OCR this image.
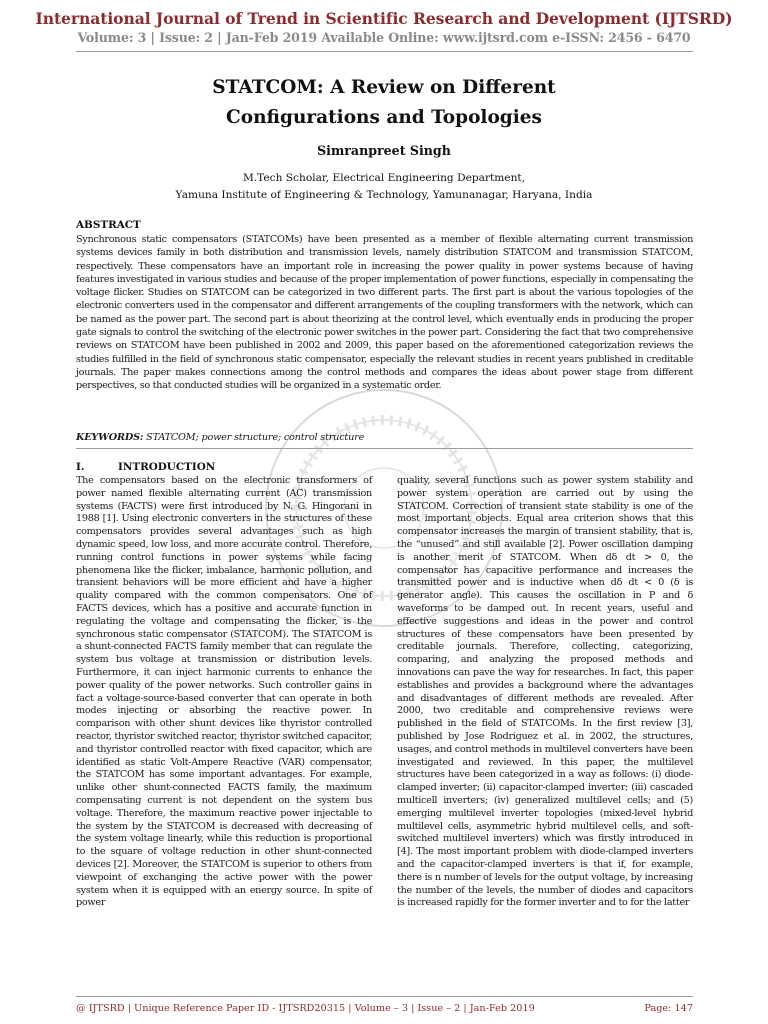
International Journal of Trend in Scientific Research and Development (IJTSRD)
Volume: 3 | Issue: 2 | Jan-Feb 2019 Available Online: www.ijtsrd.com e-ISSN: 2456 - 6470
STATCOM: A Review on Different
Configurations and Topologies
Simranpreet Singh
M.Tech Scholar, Electrical Engineering Department,
Yamuna Institute of Engineering & Technology, Yamunanagar, Haryana, India
ABSTRACT
Synchronous static compensators (STATCOMs) have been presented as a member of flexible alternating current transmission systems devices family in both distribution and transmission levels, namely distribution STATCOM and transmission STATCOM, respectively. These compensators have an important role in increasing the power quality in power systems because of having features investigated in various studies and because of the proper implementation of power functions, especially in compensating the voltage flicker. Studies on STATCOM can be categorized in two different parts. The first part is about the various topologies of the electronic converters used in the compensator and different arrangements of the coupling transformers with the network, which can be named as the power part. The second part is about theorizing at the control level, which eventually ends in producing the proper gate signals to control the switching of the electronic power switches in the power part. Considering the fact that two comprehensive reviews on STATCOM have been published in 2002 and 2009, this paper based on the aforementioned categorization reviews the studies fulfilled in the field of synchronous static compensator, especially the relevant studies in recent years published in creditable journals. The paper makes connections among the control methods and compares the ideas about power stage from different perspectives, so that conducted studies will be organized in a systematic order.
KEYWORDS: STATCOM; power structure; control structure
I.	INTRODUCTION
The compensators based on the electronic transformers of power named flexible alternating current (AC) transmission systems (FACTS) were first introduced by N. G. Hingorani in 1988 [1]. Using electronic converters in the structures of these compensators provides several advantages such as high dynamic speed, low loss, and more accurate control. Therefore, running control functions in power systems while facing phenomena like the flicker, imbalance, harmonic pollution, and transient behaviors will be more efficient and have a higher quality compared with the common compensators. One of FACTS devices, which has a positive and accurate function in regulating the voltage and compensating the flicker, is the synchronous static compensator (STATCOM). The STATCOM is a shunt-connected FACTS family member that can regulate the system bus voltage at transmission or distribution levels. Furthermore, it can inject harmonic currents to enhance the power quality of the power networks. Such controller gains in fact a voltage-source-based converter that can operate in both modes injecting or absorbing the reactive power. In comparison with other shunt devices like thyristor controlled reactor, thyristor switched reactor, thyristor switched capacitor, and thyristor controlled reactor with fixed capacitor, which are identified as static Volt-Ampere Reactive (VAR) compensator, the STATCOM has some important advantages. For example, unlike other shunt-connected FACTS family, the maximum compensating current is not dependent on the system bus voltage. Therefore, the maximum reactive power injectable to the system by the STATCOM is decreased with decreasing of the system voltage linearly, while this reduction is proportional to the square of voltage reduction in other shunt-connected devices [2]. Moreover, the STATCOM is superior to others from viewpoint of exchanging the active power with the power system when it is equipped with an energy source. In spite of power
quality, several functions such as power system stability and power system operation are carried out by using the STATCOM. Correction of transient state stability is one of the most important objects. Equal area criterion shows that this compensator increases the margin of transient stability, that is, the “unused” and still available [2]. Power oscillation damping is another merit of STATCOM. When dδ dt > 0, the compensator has capacitive performance and increases the transmitted power and is inductive when dδ dt < 0 (δ is generator angle). This causes the oscillation in P and δ waveforms to be damped out. In recent years, useful and effective suggestions and ideas in the power and control structures of these compensators have been presented by creditable journals. Therefore, collecting, categorizing, comparing, and analyzing the proposed methods and innovations can pave the way for researches. In fact, this paper establishes and provides a background where the advantages and disadvantages of different methods are revealed. After 2000, two creditable and comprehensive reviews were published in the field of STATCOMs. In the first review [3], published by Jose Rodriguez et al. in 2002, the structures, usages, and control methods in multilevel converters have been investigated and reviewed. In this paper, the multilevel structures have been categorized in a way as follows: (i) diode-clamped inverter; (ii) capacitor-clamped inverter; (iii) cascaded multicell inverters; (iv) generalized multilevel cells; and (5) emerging multilevel inverter topologies (mixed-level hybrid multilevel cells, asymmetric hybrid multilevel cells, and soft-switched multilevel inverters) which was firstly introduced in [4]. The most important problem with diode-clamped inverters and the capacitor-clamped inverters is that if, for example, there is n number of levels for the output voltage, by increasing the number of the levels, the number of diodes and capacitors is increased rapidly for the former inverter and to for the latter
@ IJTSRD | Unique Reference Paper ID - IJTSRD20315 | Volume – 3 | Issue – 2 | Jan-Feb 2019	Page: 147
